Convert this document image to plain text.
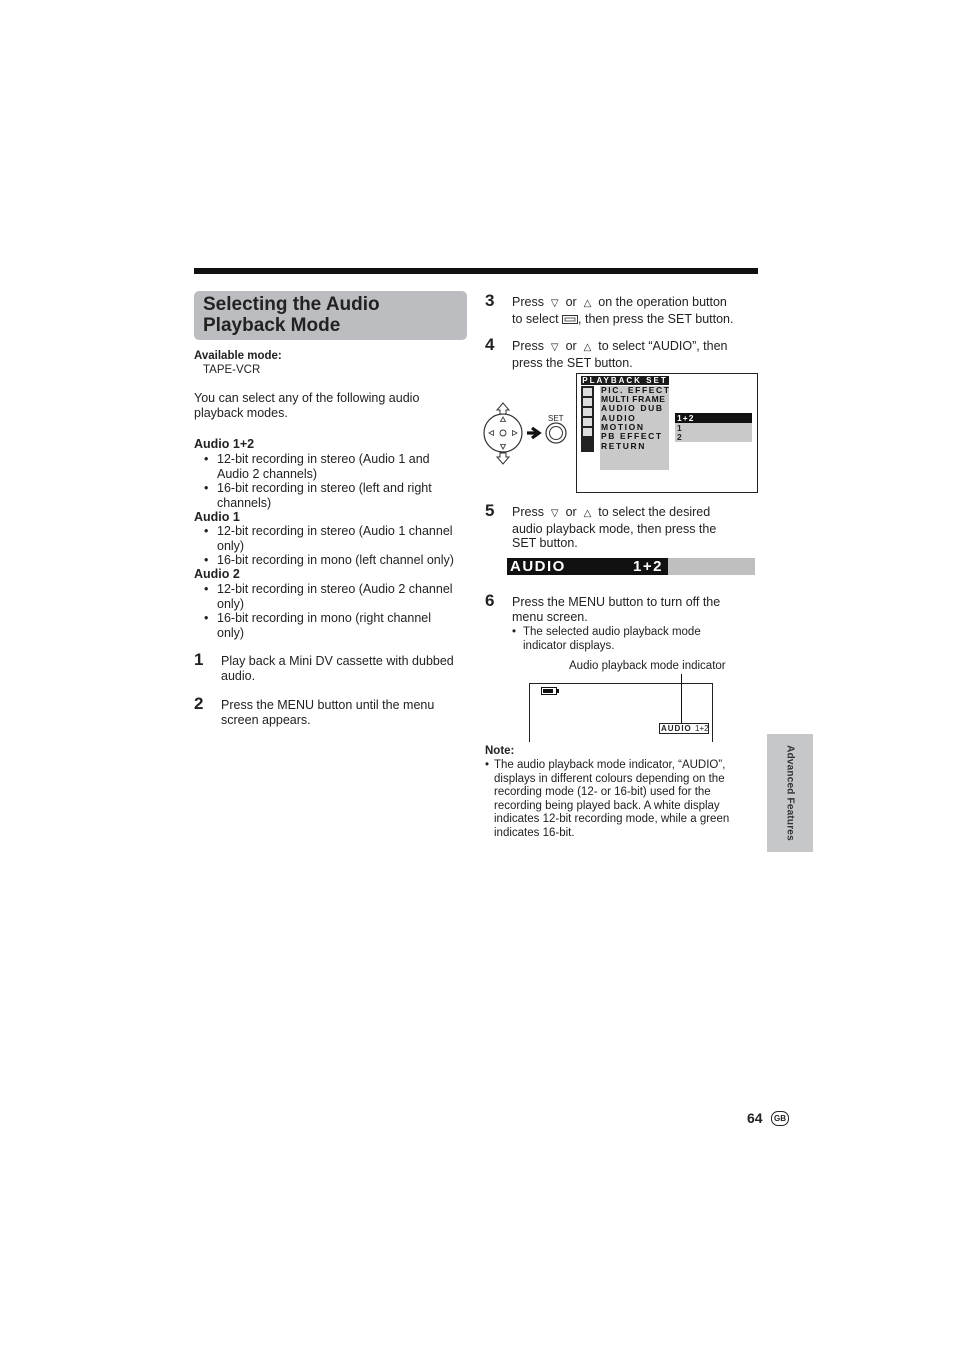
Selecting the Audio Playback Mode
Available mode:
TAPE-VCR
You can select any of the following audio playback modes.
Audio 1+2
• 12-bit recording in stereo (Audio 1 and Audio 2 channels)
• 16-bit recording in stereo (left and right channels)
Audio 1
• 12-bit recording in stereo (Audio 1 channel only)
• 16-bit recording in mono (left channel only)
Audio 2
• 12-bit recording in stereo (Audio 2 channel only)
• 16-bit recording in mono (right channel only)
1 Play back a Mini DV cassette with dubbed audio.
2 Press the MENU button until the menu screen appears.
3 Press ▽ or △ on the operation button
to select , then press the SET button.
4 Press ▽ or △ to select “AUDIO”, then
press the SET button.
SET
PLAYBACK SET
PIC. EFFECT
MULTI FRAME
AUDIO DUB
AUDIO
MOTION
PB EFFECT
RETURN
1+2
1
2
5 Press ▽ or △ to select the desired
audio playback mode, then press the
SET button.
AUDIO	1+2
6 Press the MENU button to turn off the menu screen.
• The selected audio playback mode indicator displays.
Audio playback mode indicator
AUDIO 1+2
Note:
• The audio playback mode indicator, “AUDIO”, displays in different colours depending on the recording mode (12- or 16-bit) used for the recording being played back. A white display indicates 12-bit recording mode, while a green indicates 16-bit.	Advanced Features
64	GB
